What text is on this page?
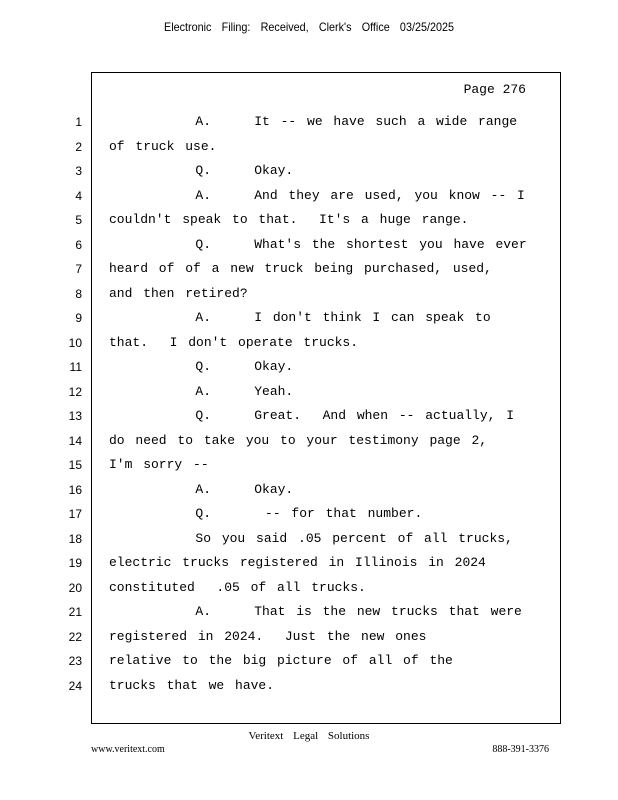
Electronic Filing: Received, Clerk's Office 03/25/2025
Page 276
1 A.    It -- we have such a wide range
2 of truck use.
3 Q.    Okay.
4 A.    And they are used, you know -- I
5 couldn't speak to that.  It's a huge range.
6 Q.    What's the shortest you have ever
7 heard of of a new truck being purchased, used,
8 and then retired?
9 A.    I don't think I can speak to
10 that.  I don't operate trucks.
11 Q.    Okay.
12 A.    Yeah.
13 Q.    Great.  And when -- actually, I
14 do need to take you to your testimony page 2,
15 I'm sorry --
16 A.    Okay.
17 Q.     -- for that number.
18 So you said .05 percent of all trucks,
19 electric trucks registered in Illinois in 2024
20 constituted  .05 of all trucks.
21 A.    That is the new trucks that were
22 registered in 2024.  Just the new ones
23 relative to the big picture of all of the
24 trucks that we have.
Veritext Legal Solutions
www.veritext.com	888-391-3376
